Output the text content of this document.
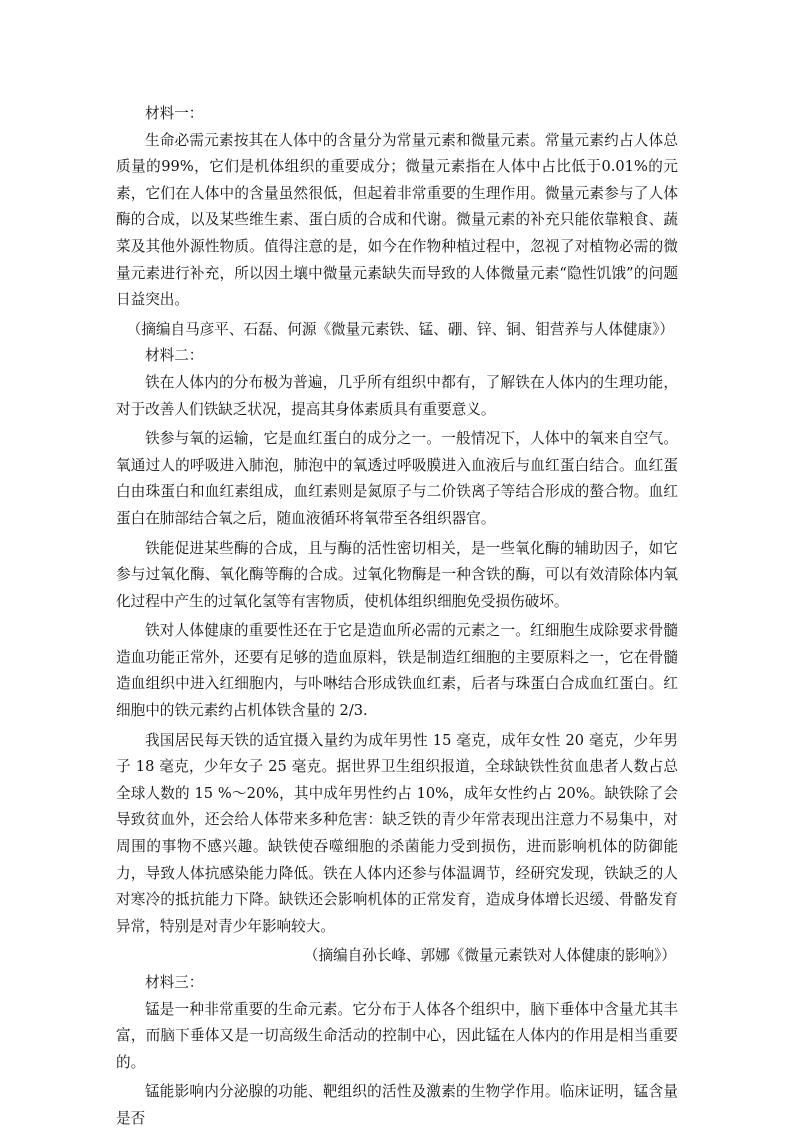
材料一：

生命必需元素按其在人体中的含量分为常量元素和微量元素。常量元素约占人体总质量的99%，它们是机体组织的重要成分；微量元素指在人体中占比低于0.01%的元素，它们在人体中的含量虽然很低，但起着非常重要的生理作用。微量元素参与了人体酶的合成，以及某些维生素、蛋白质的合成和代谢。微量元素的补充只能依靠粮食、蔬菜及其他外源性物质。值得注意的是，如今在作物种植过程中，忽视了对植物必需的微量元素进行补充，所以因土壤中微量元素缺失而导致的人体微量元素“隐性饥饿”的问题日益突出。

（摘编自马彦平、石磊、何源《微量元素铁、锰、硼、锌、铜、钼营养与人体健康》）

材料二：

铁在人体内的分布极为普遍，几乎所有组织中都有，了解铁在人体内的生理功能，对于改善人们铁缺乏状况，提高其身体素质具有重要意义。

铁参与氧的运输，它是血红蛋白的成分之一。一般情况下，人体中的氧来自空气。氧通过人的呼吸进入肺泡，肺泡中的氧透过呼吸膜进入血液后与血红蛋白结合。血红蛋白由珠蛋白和血红素组成，血红素则是氮原子与二价铁离子等结合形成的螯合物。血红蛋白在肺部结合氧之后，随血液循环将氧带至各组织器官。

铁能促进某些酶的合成，且与酶的活性密切相关，是一些氧化酶的辅助因子，如它参与过氧化酶、氧化酶等酶的合成。过氧化物酶是一种含铁的酶，可以有效清除体内氧化过程中产生的过氧化氢等有害物质，使机体组织细胞免受损伤破坏。

铁对人体健康的重要性还在于它是造血所必需的元素之一。红细胞生成除要求骨髓造血功能正常外，还要有足够的造血原料，铁是制造红细胞的主要原料之一，它在骨髓造血组织中进入红细胞内，与卟啉结合形成铁血红素，后者与珠蛋白合成血红蛋白。红细胞中的铁元素约占机体铁含量的 2/3.

我国居民每天铁的适宜摄入量约为成年男性 15 毫克，成年女性 20 毫克，少年男子 18 毫克，少年女子 25 毫克。据世界卫生组织报道，全球缺铁性贫血患者人数占总全球人数的 15 %～20%，其中成年男性约占 10%，成年女性约占 20%。缺铁除了会导致贫血外，还会给人体带来多种危害：缺乏铁的青少年常表现出注意力不易集中，对周围的事物不感兴趣。缺铁使吞噬细胞的杀菌能力受到损伤，进而影响机体的防御能力，导致人体抗感染能力降低。铁在人体内还参与体温调节，经研究发现，铁缺乏的人对寒冷的抵抗能力下降。缺铁还会影响机体的正常发育，造成身体增长迟缓、骨骼发育异常，特别是对青少年影响较大。

（摘编自孙长峰、郭娜《微量元素铁对人体健康的影响》）

材料三：

锰是一种非常重要的生命元素。它分布于人体各个组织中，脑下垂体中含量尤其丰富，而脑下垂体又是一切高级生命活动的控制中心，因此锰在人体内的作用是相当重要的。

锰能影响内分泌腺的功能、靶组织的活性及激素的生物学作用。临床证明，锰含量是否
